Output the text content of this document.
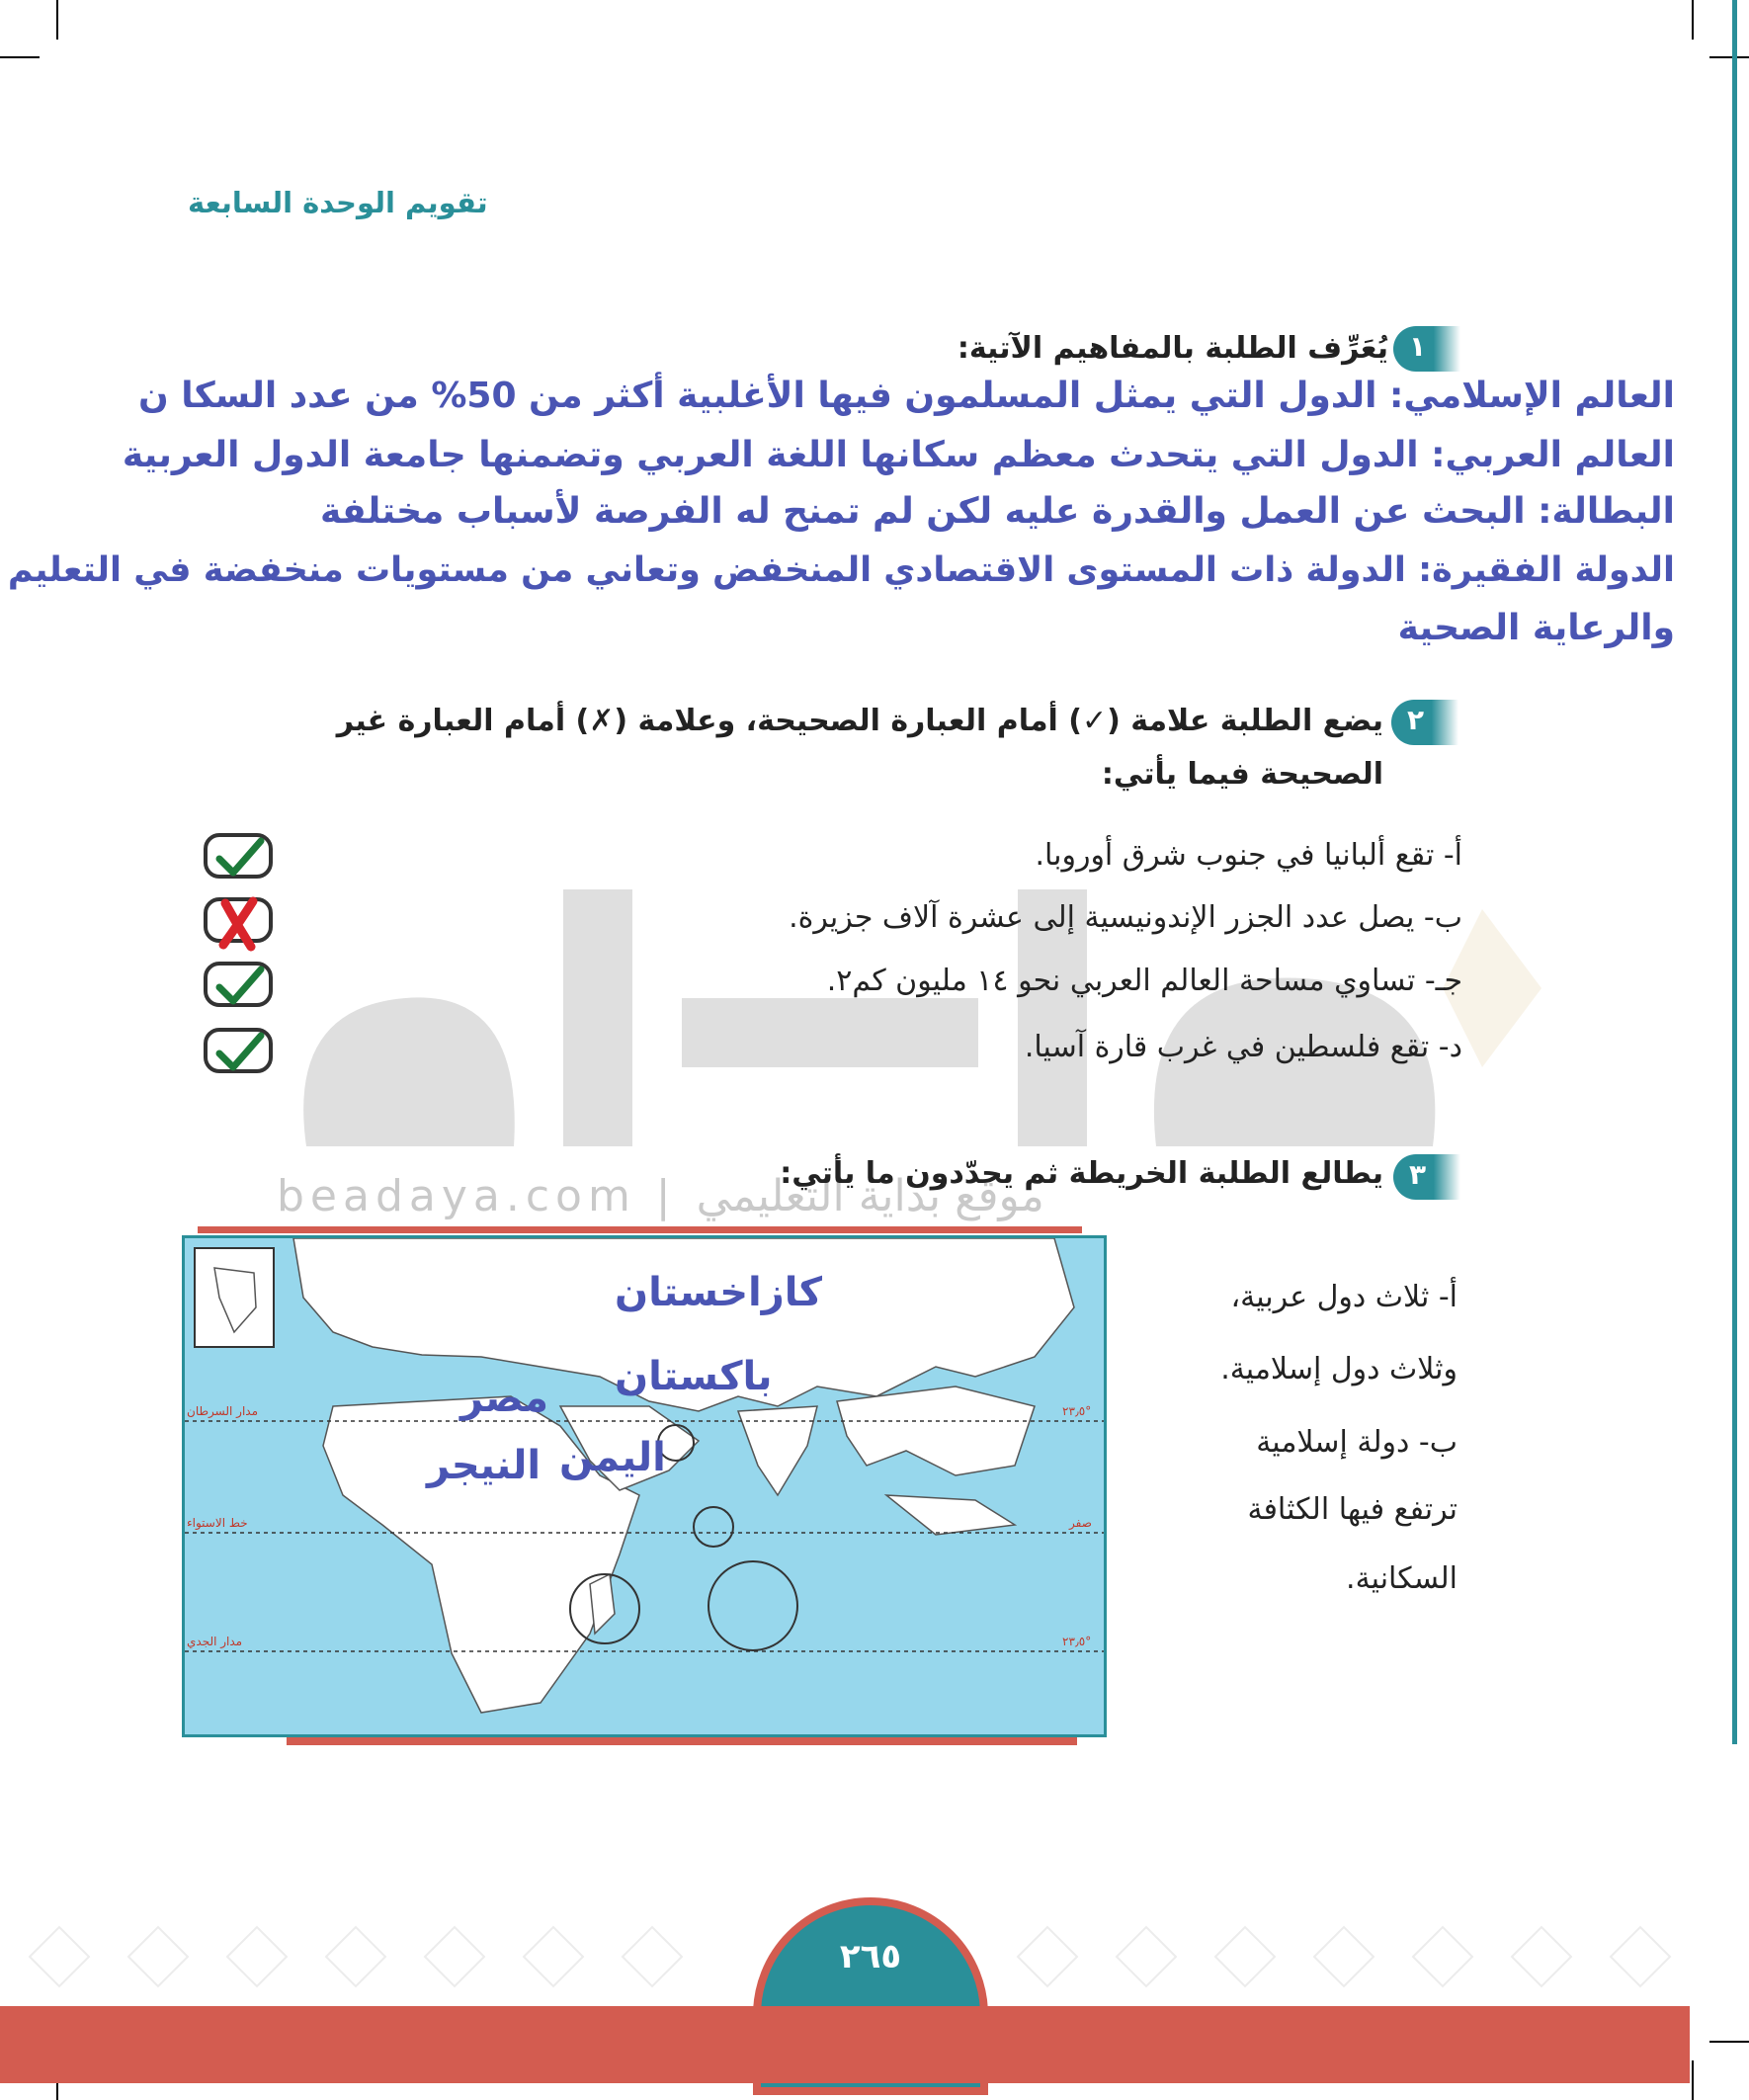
تقويم الوحدة السابعة
beadaya.com | موقع بداية التعليمي
١
يُعَرِّف الطلبة بالمفاهيم الآتية:
العالم الإسلامي: الدول التي يمثل المسلمون فيها الأغلبية أكثر من 50% من عدد السكا ن
العالم العربي: الدول التي يتحدث معظم سكانها اللغة العربي وتضمنها جامعة الدول العربية
البطالة: البحث عن العمل والقدرة عليه لكن لم تمنح له الفرصة لأسباب مختلفة
الدولة الفقيرة: الدولة ذات المستوى الاقتصادي المنخفض وتعاني من مستويات منخفضة في التعليم
والرعاية الصحية
٢
يضع الطلبة علامة (✓) أمام العبارة الصحيحة، وعلامة (✗) أمام العبارة غير
الصحيحة فيما يأتي:
أ- تقع ألبانيا في جنوب شرق أوروبا.
ب- يصل عدد الجزر الإندونيسية إلى عشرة آلاف جزيرة.
جـ- تساوي مساحة العالم العربي نحو ١٤ مليون كم٢.
د- تقع فلسطين في غرب قارة آسيا.
٣
يطالع الطلبة الخريطة ثم يحدّدون ما يأتي:
مدار السرطان
خط الاستواء
مدار الجدي
°٢٣٫٥
صفر
°٢٣٫٥
كازاخستان
باكستان
مصر
اليمن
النيجر
أ- ثلاث دول عربية،
وثلاث دول إسلامية.
ب- دولة إسلامية
ترتفع فيها الكثافة
السكانية.
٢٦٥
